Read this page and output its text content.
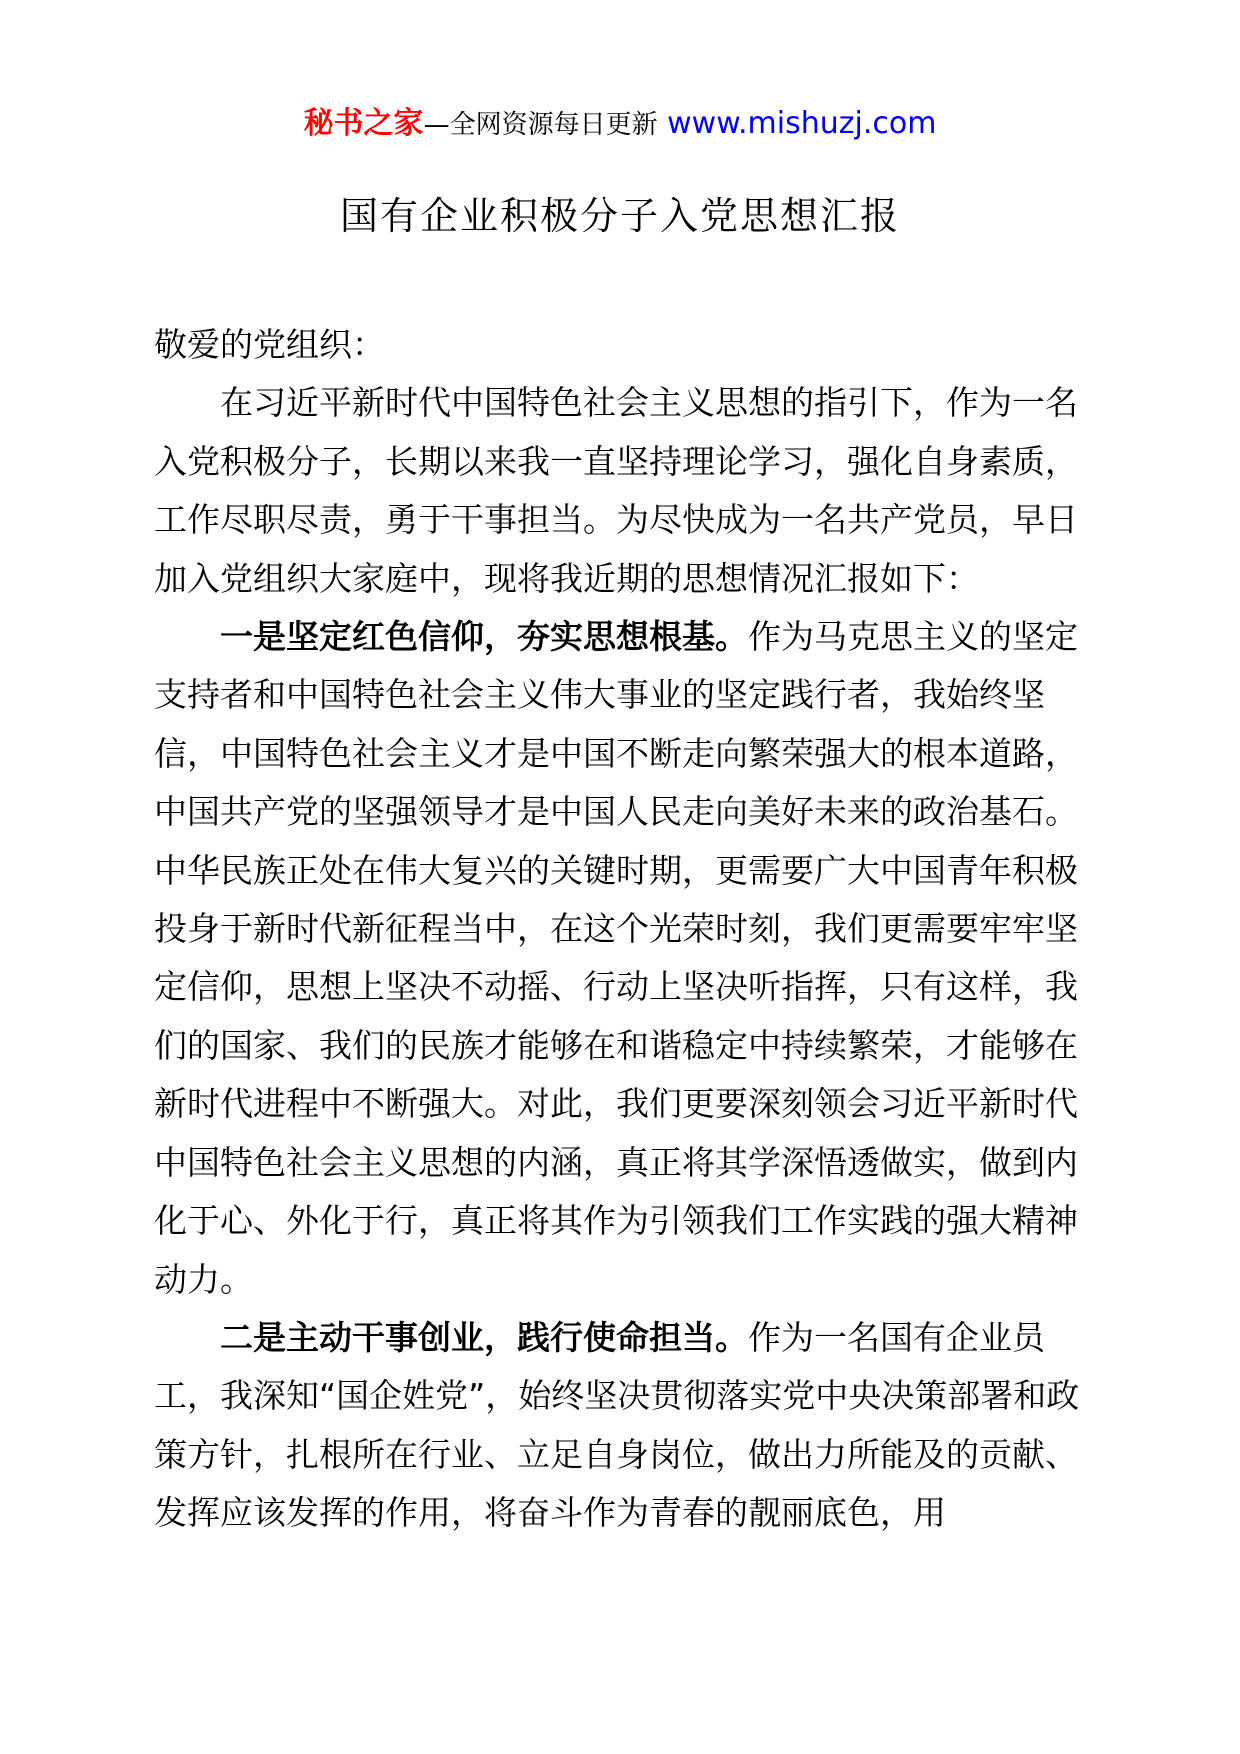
秘书之家—全网资源每日更新 www.mishuzj.com
国有企业积极分子入党思想汇报

敬爱的党组织：

在习近平新时代中国特色社会主义思想的指引下，作为一名入党积极分子，长期以来我一直坚持理论学习，强化自身素质，工作尽职尽责，勇于干事担当。为尽快成为一名共产党员，早日加入党组织大家庭中，现将我近期的思想情况汇报如下：

一是坚定红色信仰，夯实思想根基。作为马克思主义的坚定支持者和中国特色社会主义伟大事业的坚定践行者，我始终坚信，中国特色社会主义才是中国不断走向繁荣强大的根本道路，中国共产党的坚强领导才是中国人民走向美好未来的政治基石。中华民族正处在伟大复兴的关键时期，更需要广大中国青年积极投身于新时代新征程当中，在这个光荣时刻，我们更需要牢牢坚定信仰，思想上坚决不动摇、行动上坚决听指挥，只有这样，我们的国家、我们的民族才能够在和谐稳定中持续繁荣，才能够在新时代进程中不断强大。对此，我们更要深刻领会习近平新时代中国特色社会主义思想的内涵，真正将其学深悟透做实，做到内化于心、外化于行，真正将其作为引领我们工作实践的强大精神动力。

二是主动干事创业，践行使命担当。作为一名国有企业员工，我深知“国企姓党”，始终坚决贯彻落实党中央决策部署和政策方针，扎根所在行业、立足自身岗位，做出力所能及的贡献、发挥应该发挥的作用，将奋斗作为青春的靓丽底色，用
